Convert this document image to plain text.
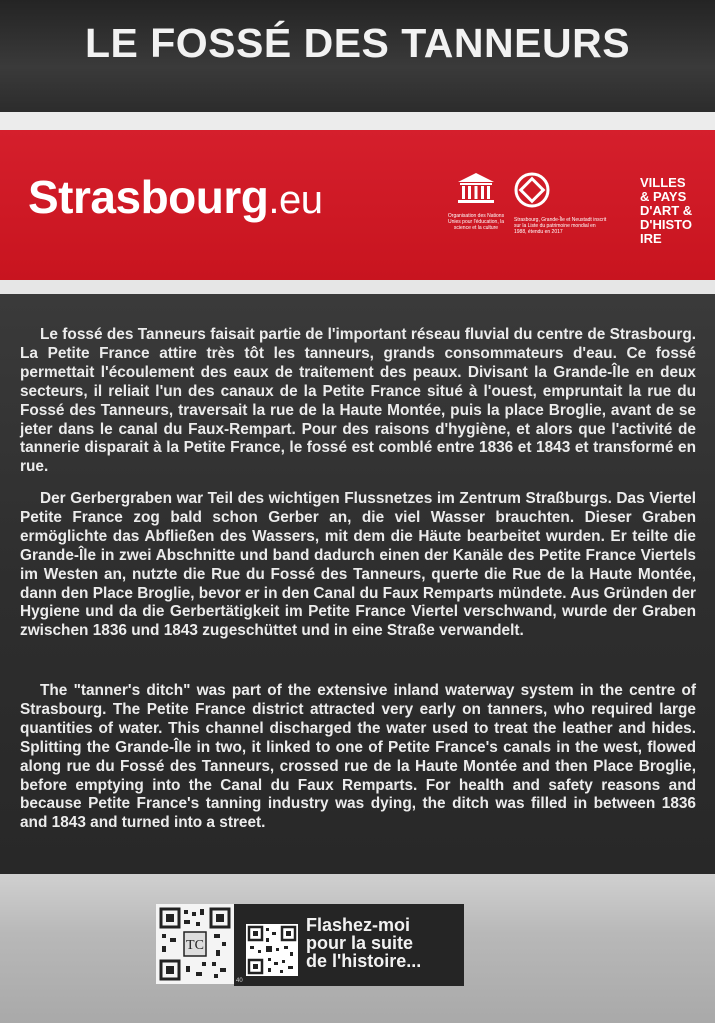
LE FOSSÉ DES TANNEURS
Strasbourg.eu	Organisation des Nations Unies pour l'éducation, la science et la culture
Strasbourg, Grande-Île et Neustadt inscrit sur la Liste du patrimoine mondial en 1988, étendu en 2017
VILLES
& PAYS
D'ART &
D'HISTO
IRE
Le fossé des Tanneurs faisait partie de l'important réseau fluvial du centre de Strasbourg. La Petite France attire très tôt les tanneurs, grands consommateurs d'eau. Ce fossé permettait l'écoulement des eaux de traitement des peaux. Divisant la Grande-Île en deux secteurs, il reliait l'un des canaux de la Petite France situé à l'ouest, empruntait la rue du Fossé des Tanneurs, traversait la rue de la Haute Montée, puis la place Broglie, avant de se jeter dans le canal du Faux-Rempart. Pour des raisons d'hygiène, et alors que l'activité de tannerie disparait à la Petite France, le fossé est comblé entre 1836 et 1843 et transformé en rue.
Der Gerbergraben war Teil des wichtigen Flussnetzes im Zentrum Straßburgs. Das Viertel Petite France zog bald schon Gerber an, die viel Wasser brauchten. Dieser Graben ermöglichte das Abfließen des Wassers, mit dem die Häute bearbeitet wurden. Er teilte die Grande-Île in zwei Abschnitte und band dadurch einen der Kanäle des Petite France Viertels im Westen an, nutzte die Rue du Fossé des Tanneurs, querte die Rue de la Haute Montée, dann den Place Broglie, bevor er in den Canal du Faux Remparts mündete. Aus Gründen der Hygiene und da die Gerbertätigkeit im Petite France Viertel verschwand, wurde der Graben zwischen 1836 und 1843 zugeschüttet und in eine Straße verwandelt.
The "tanner's ditch" was part of the extensive inland waterway system in the centre of Strasbourg. The Petite France district attracted very early on tanners, who required large quantities of water. This channel discharged the water used to treat the leather and hides. Splitting the Grande-Île in two, it linked to one of Petite France's canals in the west, flowed along rue du Fossé des Tanneurs, crossed rue de la Haute Montée and then Place Broglie, before emptying into the Canal du Faux Remparts. For health and safety reasons and because Petite France's tanning industry was dying, the ditch was filled in between 1836 and 1843 and turned into a street.
TC
Flashez-moi
pour la suite
de l'histoire...
40
